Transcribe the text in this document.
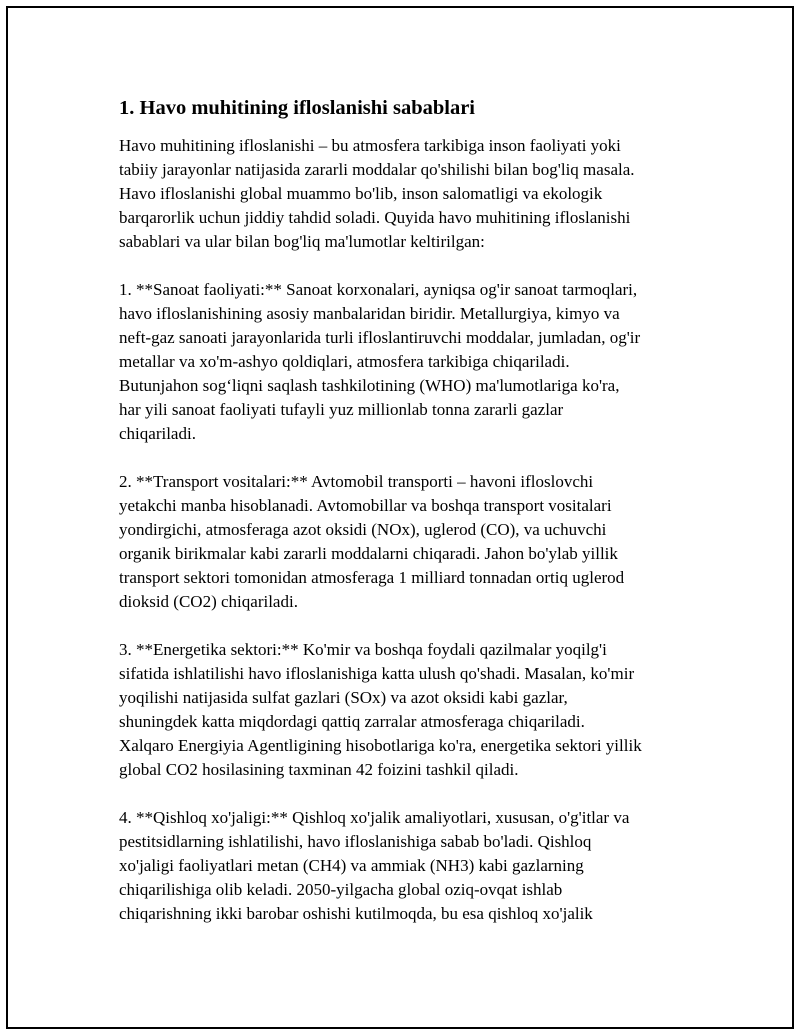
1. Havo muhitining ifloslanishi sabablari

Havo muhitining ifloslanishi – bu atmosfera tarkibiga inson faoliyati yoki
tabiiy jarayonlar natijasida zararli moddalar qo'shilishi bilan bog'liq masala.
Havo ifloslanishi global muammo bo'lib, inson salomatligi va ekologik
barqarorlik uchun jiddiy tahdid soladi. Quyida havo muhitining ifloslanishi
sabablari va ular bilan bog'liq ma'lumotlar keltirilgan:

1. **Sanoat faoliyati:** Sanoat korxonalari, ayniqsa og'ir sanoat tarmoqlari,
havo ifloslanishining asosiy manbalaridan biridir. Metallurgiya, kimyo va
neft-gaz sanoati jarayonlarida turli ifloslantiruvchi moddalar, jumladan, og'ir
metallar va xo'm-ashyo qoldiqlari, atmosfera tarkibiga chiqariladi.
Butunjahon sog‘liqni saqlash tashkilotining (WHO) ma'lumotlariga ko'ra,
har yili sanoat faoliyati tufayli yuz millionlab tonna zararli gazlar
chiqariladi.

2. **Transport vositalari:** Avtomobil transporti – havoni ifloslovchi
yetakchi manba hisoblanadi. Avtomobillar va boshqa transport vositalari
yondirgichi, atmosferaga azot oksidi (NOx), uglerod (CO), va uchuvchi
organik birikmalar kabi zararli moddalarni chiqaradi. Jahon bo'ylab yillik
transport sektori tomonidan atmosferaga 1 milliard tonnadan ortiq uglerod
dioksid (CO2) chiqariladi.

3. **Energetika sektori:** Ko'mir va boshqa foydali qazilmalar yoqilg'i
sifatida ishlatilishi havo ifloslanishiga katta ulush qo'shadi. Masalan, ko'mir
yoqilishi natijasida sulfat gazlari (SOx) va azot oksidi kabi gazlar,
shuningdek katta miqdordagi qattiq zarralar atmosferaga chiqariladi.
Xalqaro Energiyia Agentligining hisobotlariga ko'ra, energetika sektori yillik
global CO2 hosilasining taxminan 42 foizini tashkil qiladi.

4. **Qishloq xo'jaligi:** Qishloq xo'jalik amaliyotlari, xususan, o'g'itlar va
pestitsidlarning ishlatilishi, havo ifloslanishiga sabab bo'ladi. Qishloq
xo'jaligi faoliyatlari metan (CH4) va ammiak (NH3) kabi gazlarning
chiqarilishiga olib keladi. 2050-yilgacha global oziq-ovqat ishlab
chiqarishning ikki barobar oshishi kutilmoqda, bu esa qishloq xo'jalik
